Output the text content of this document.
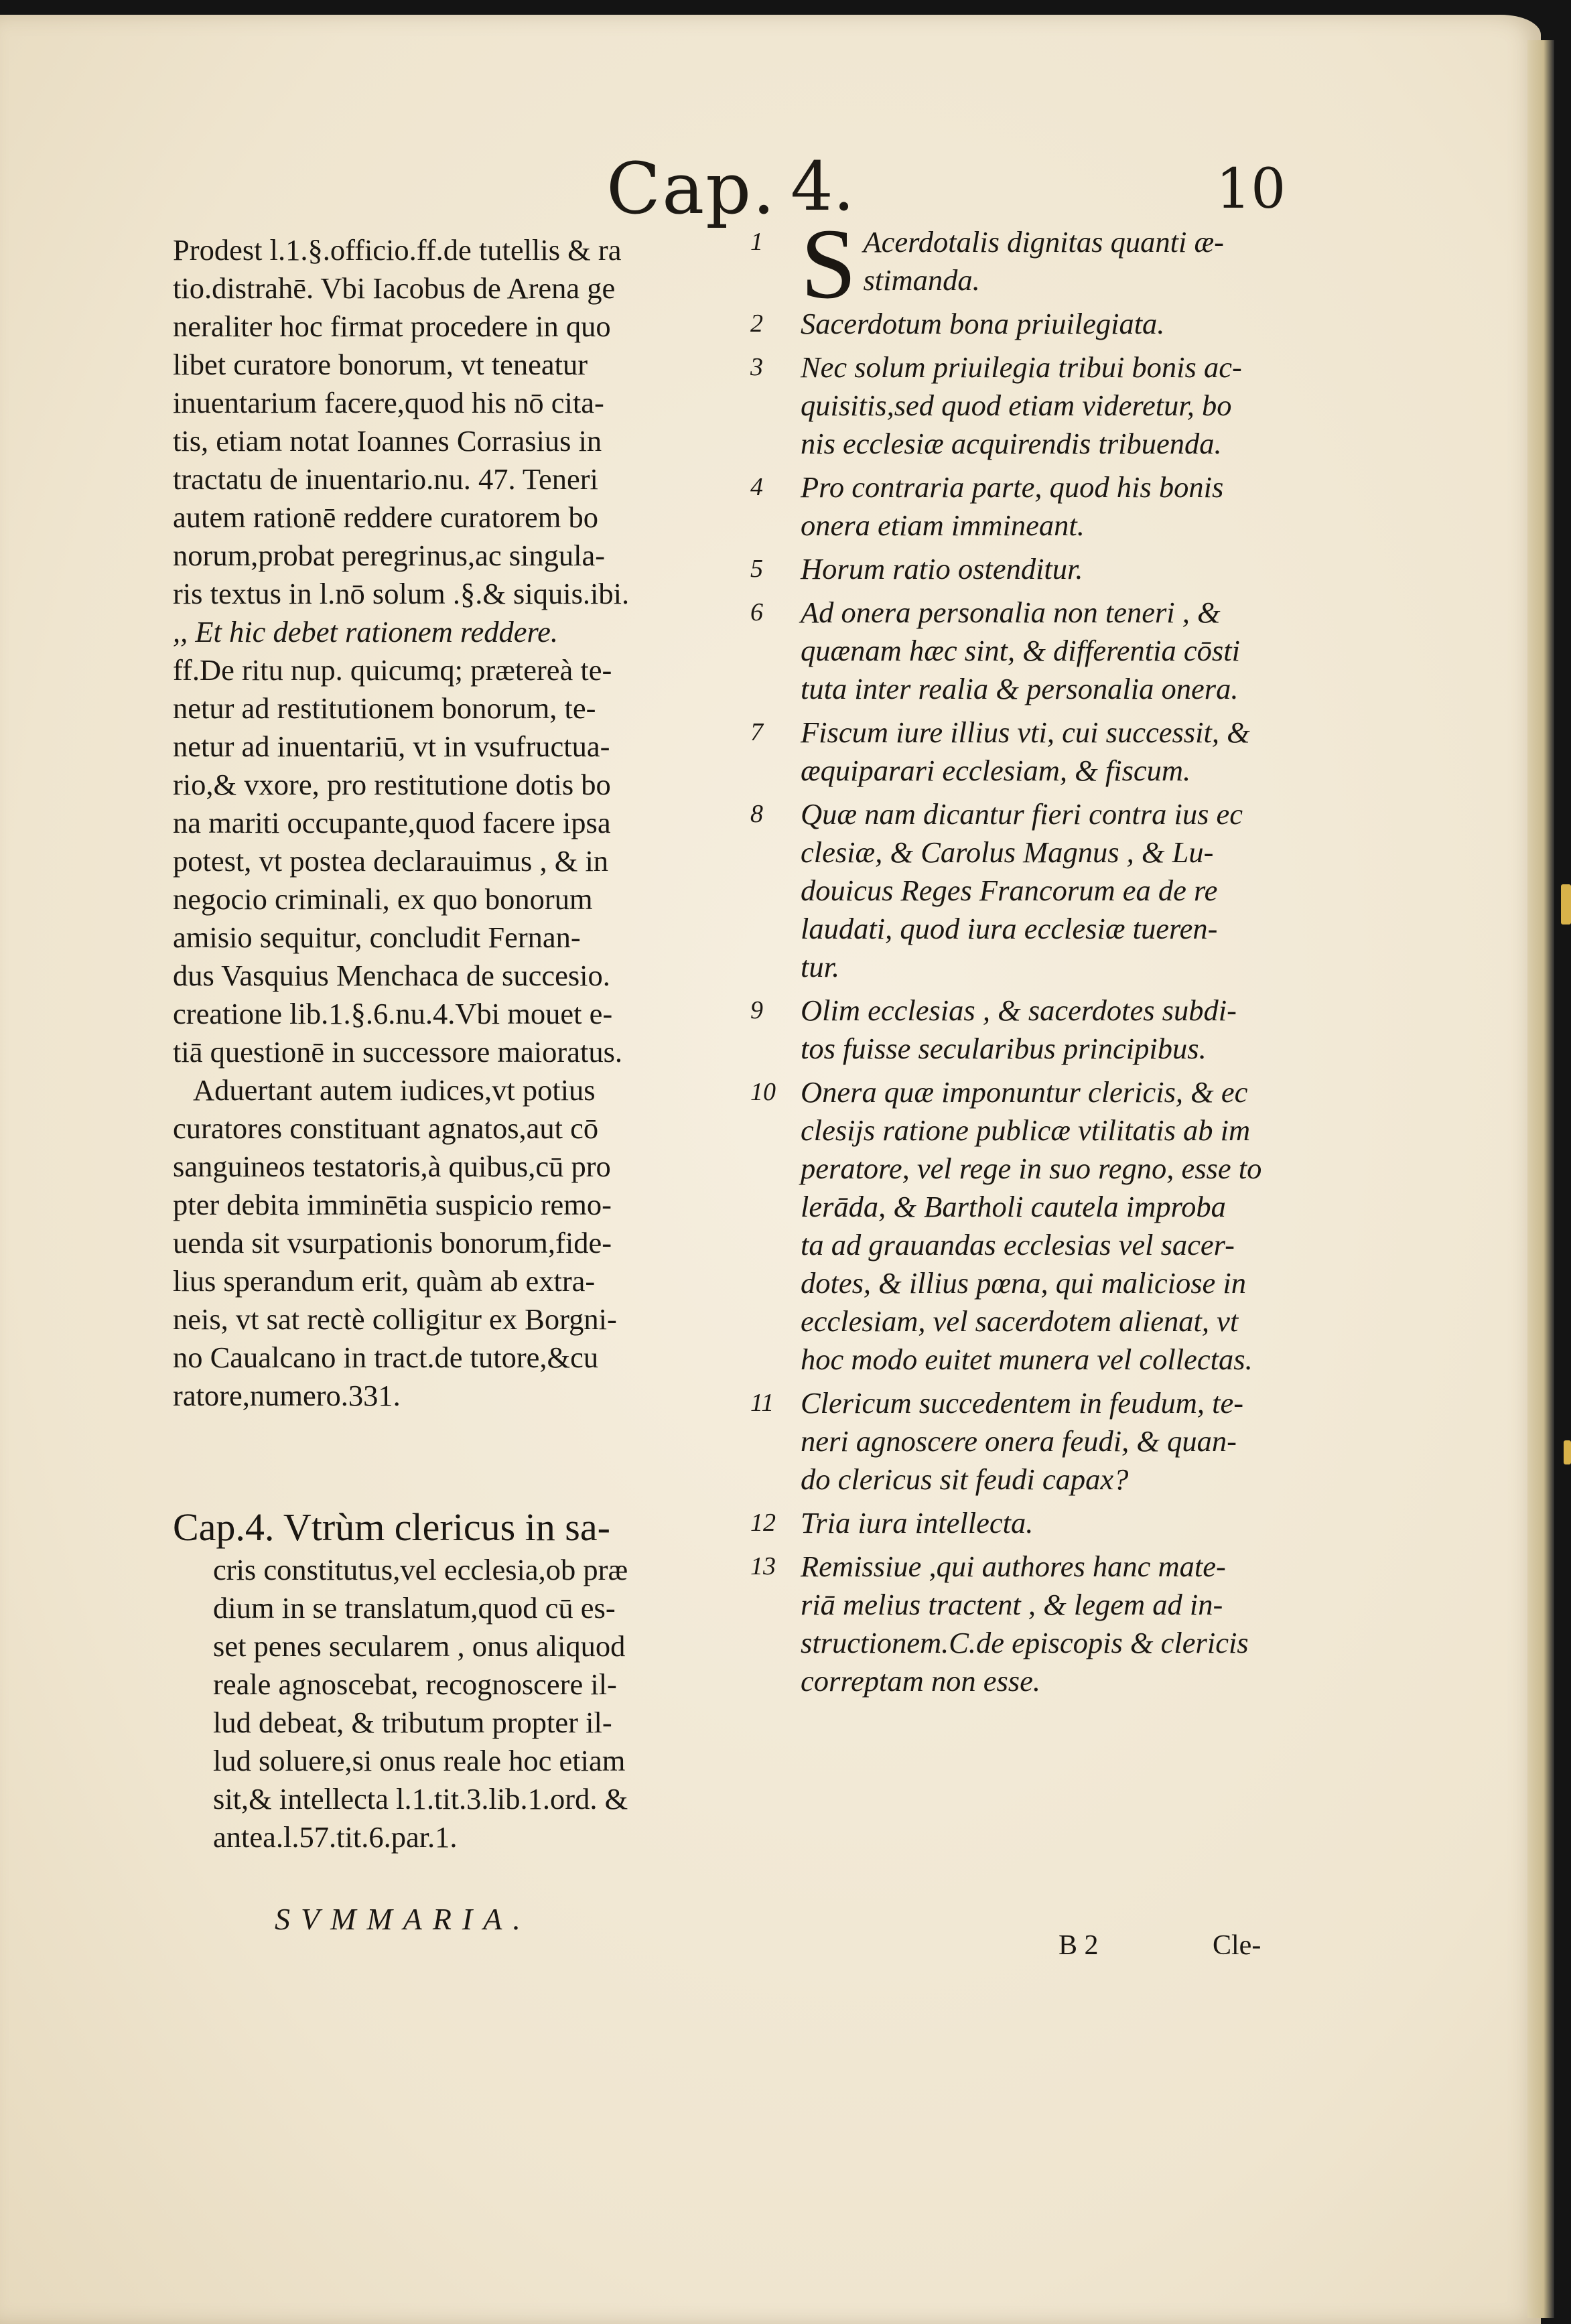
Cap. 4.	10
Prodest l.1.§.officio.ff.de tutellis & ra
tio.distrahē. Vbi Iacobus de Arena ge
neraliter hoc firmat procedere in quo
libet curatore bonorum, vt teneatur
inuentarium facere,quod his nō cita-
tis, etiam notat Ioannes Corrasius in
tractatu de inuentario.nu. 47. Teneri
autem rationē reddere curatorem bo
norum,probat peregrinus,ac singula-
ris textus in l.nō solum .§.& siquis.ibi.
,, Et hic debet rationem reddere.
ff.De ritu nup. quicumq; prætereà te-
netur ad restitutionem bonorum, te-
netur ad inuentariū, vt in vsufructua-
rio,& vxore, pro restitutione dotis bo
na mariti occupante,quod facere ipsa
potest, vt postea declarauimus , & in
negocio criminali, ex quo bonorum
amisio sequitur, concludit Fernan-
dus Vasquius Menchaca de succesio.
creatione lib.1.§.6.nu.4.Vbi mouet e-
tiā questionē in successore maioratus.
Aduertant autem iudices,vt potius
curatores constituant agnatos,aut cō
sanguineos testatoris,à quibus,cū pro
pter debita imminētia suspicio remo-
uenda sit vsurpationis bonorum,fide-
lius sperandum erit, quàm ab extra-
neis, vt sat rectè colligitur ex Borgni-
no Caualcano in tract.de tutore,&cu
ratore,numero.331.
Cap.4. Vtrùm clericus in sa-
cris constitutus,vel ecclesia,ob præ
dium in se translatum,quod cū es-
set penes secularem , onus aliquod
reale agnoscebat, recognoscere il-
lud debeat, & tributum propter il-
lud soluere,si onus reale hoc etiam
sit,& intellecta l.1.tit.3.lib.1.ord. &
antea.l.57.tit.6.par.1.
SVMMARIA.
1 S Acerdotalis dignitas quanti æ-
stimanda.
2	Sacerdotum bona priuilegiata.
3	Nec solum priuilegia tribui bonis ac-
quisitis,sed quod etiam videretur, bo
nis ecclesiæ acquirendis tribuenda.
4	Pro contraria parte, quod his bonis
onera etiam immineant.
5	Horum ratio ostenditur.
6	Ad onera personalia non teneri , &
quænam hæc sint, & differentia cōsti
tuta inter realia & personalia onera.
7	Fiscum iure illius vti, cui successit, &
æquiparari ecclesiam, & fiscum.
8	Quæ nam dicantur fieri contra ius ec
clesiæ, & Carolus Magnus , & Lu-
douicus Reges Francorum ea de re
laudati, quod iura ecclesiæ tueren-
tur.
9	Olim ecclesias , & sacerdotes subdi-
tos fuisse secularibus principibus.
10 Onera quæ imponuntur clericis, & ec
clesijs ratione publicæ vtilitatis ab im
peratore, vel rege in suo regno, esse to
lerāda, & Bartholi cautela improba
ta ad grauandas ecclesias vel sacer-
dotes, & illius pœna, qui maliciose in
ecclesiam, vel sacerdotem alienat, vt
hoc modo euitet munera vel collectas.
11 Clericum succedentem in feudum, te-
neri agnoscere onera feudi, & quan-
do clericus sit feudi capax?
12 Tria iura intellecta.
13 Remissiue ,qui authores hanc mate-
riā melius tractent , & legem ad in-
structionem.C.de episcopis & clericis
correptam non esse.
B 2	Cle-
